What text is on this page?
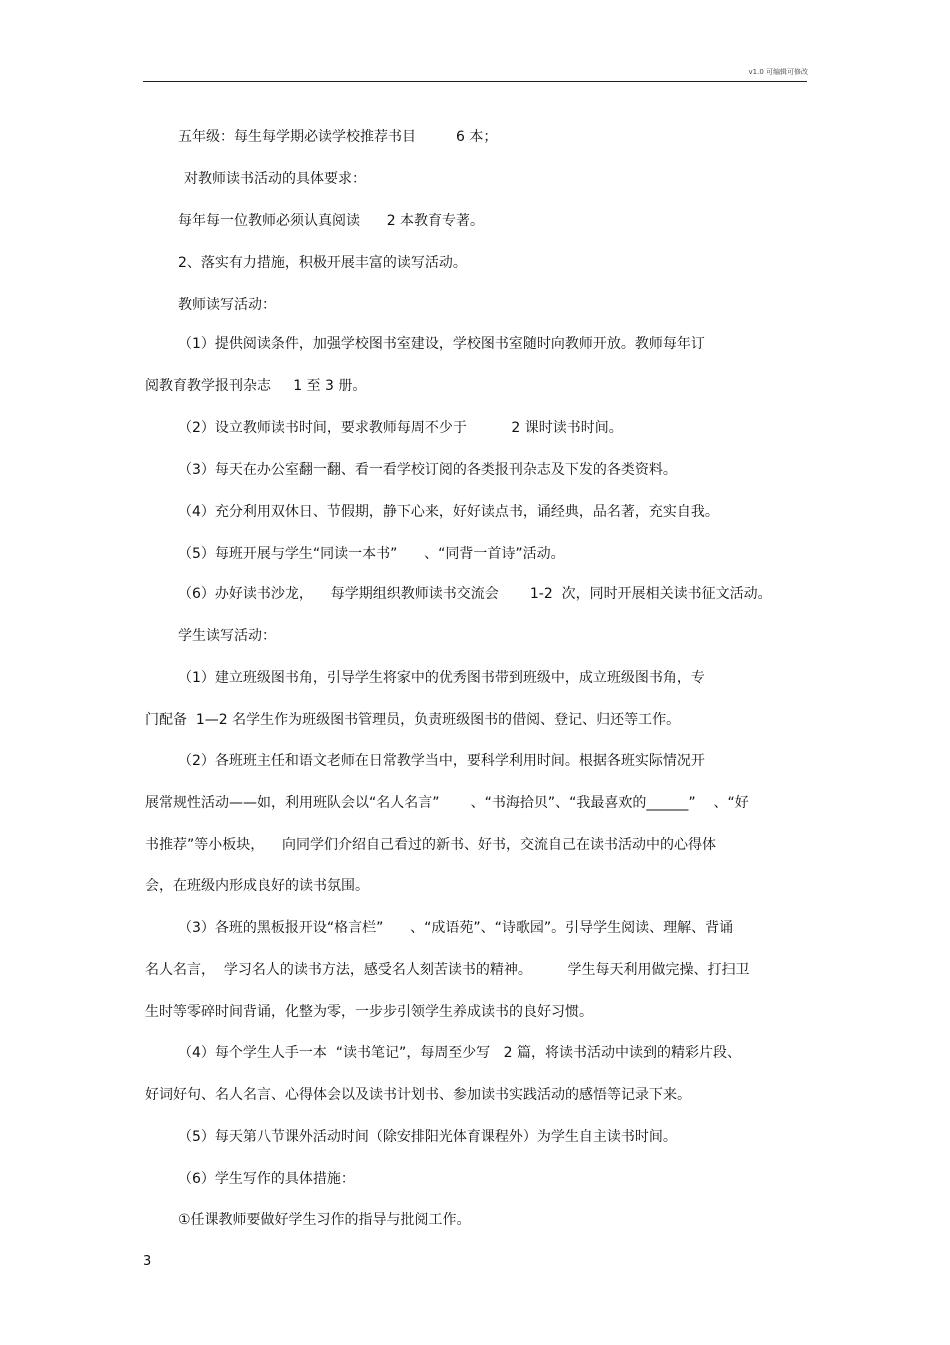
v1.0 可编辑可修改
五年级：每生每学期必读学校推荐书目         6 本；
对教师读书活动的具体要求：
每年每一位教师必须认真阅读      2 本教育专著。
2、落实有力措施，积极开展丰富的读写活动。
教师读写活动：
（1）提供阅读条件，加强学校图书室建设，学校图书室随时向教师开放。教师每年订
阅教育教学报刊杂志     1 至 3 册。
（2）设立教师读书时间，要求教师每周不少于          2 课时读书时间。
（3）每天在办公室翻一翻、看一看学校订阅的各类报刊杂志及下发的各类资料。
（4）充分利用双休日、节假期，静下心来，好好读点书，诵经典，品名著，充实自我。
（5）每班开展与学生“同读一本书”      、“同背一首诗”活动。
（6）办好读书沙龙，    每学期组织教师读书交流会       1-2  次，同时开展相关读书征文活动。
学生读写活动：
（1）建立班级图书角，引导学生将家中的优秀图书带到班级中，成立班级图书角，专
门配备  1—2 名学生作为班级图书管理员，负责班级图书的借阅、登记、归还等工作。
（2）各班班主任和语文老师在日常教学当中，要科学利用时间。根据各班实际情况开
展常规性活动——如，利用班队会以“名人名言”       、“书海拾贝”、“我最喜欢的______”    、“好
书推荐”等小板块，    向同学们介绍自己看过的新书、好书，交流自己在读书活动中的心得体
会，在班级内形成良好的读书氛围。
（3）各班的黑板报开设“格言栏”      、“成语苑”、“诗歌园”。引导学生阅读、理解、背诵
名人名言，  学习名人的读书方法，感受名人刻苦读书的精神。        学生每天利用做完操、打扫卫
生时等零碎时间背诵，化整为零，一步步引领学生养成读书的良好习惯。
（4）每个学生人手一本  “读书笔记”，每周至少写   2 篇，将读书活动中读到的精彩片段、
好词好句、名人名言、心得体会以及读书计划书、参加读书实践活动的感悟等记录下来。
（5）每天第八节课外活动时间（除安排阳光体育课程外）为学生自主读书时间。
（6）学生写作的具体措施：
①任课教师要做好学生习作的指导与批阅工作。
3
